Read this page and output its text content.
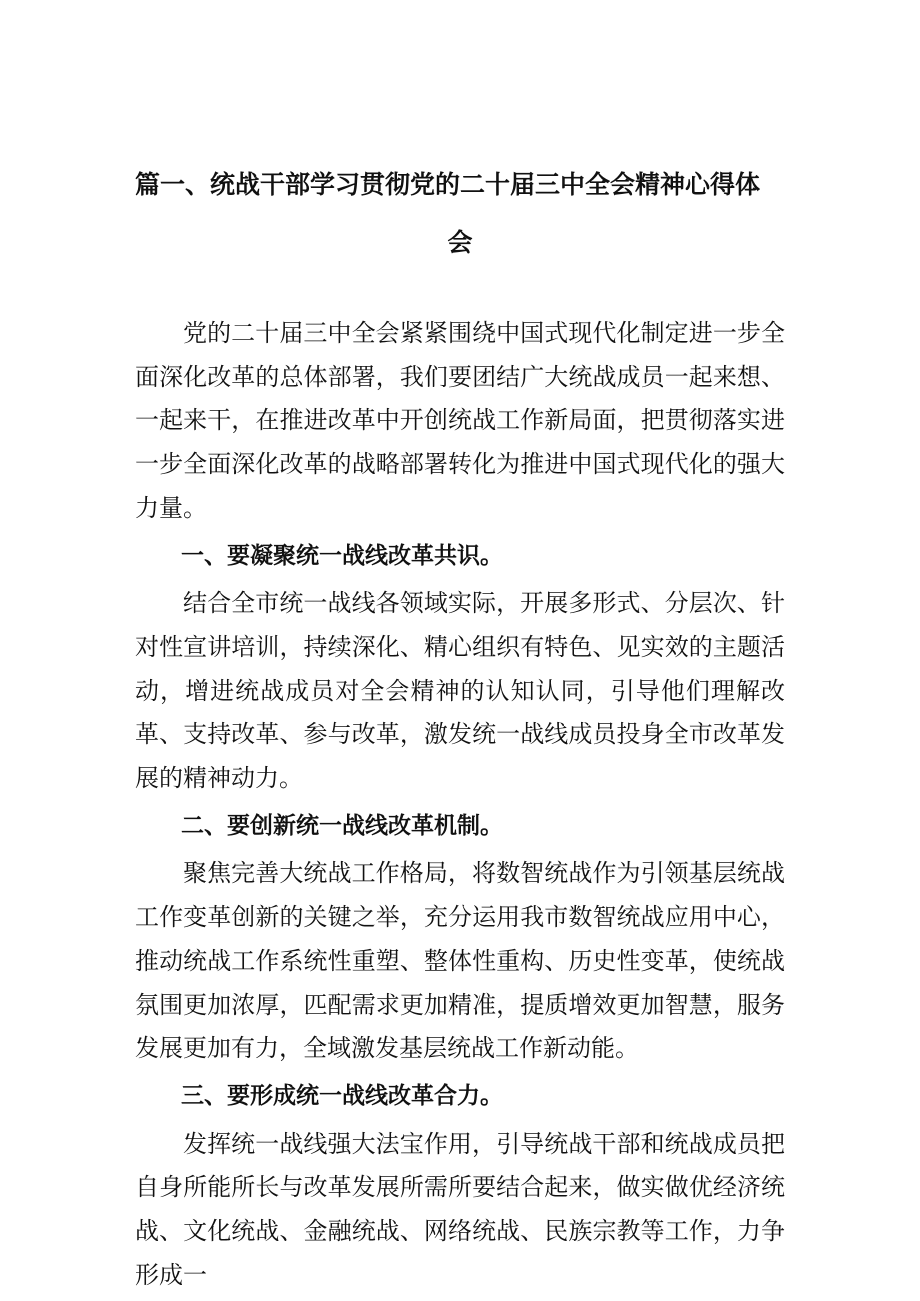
篇一、统战干部学习贯彻党的二十届三中全会精神心得体
会

党的二十届三中全会紧紧围绕中国式现代化制定进一步全面深化改革的总体部署，我们要团结广大统战成员一起来想、一起来干，在推进改革中开创统战工作新局面，把贯彻落实进一步全面深化改革的战略部署转化为推进中国式现代化的强大力量。

一、要凝聚统一战线改革共识。

结合全市统一战线各领域实际，开展多形式、分层次、针对性宣讲培训，持续深化、精心组织有特色、见实效的主题活动，增进统战成员对全会精神的认知认同，引导他们理解改革、支持改革、参与改革，激发统一战线成员投身全市改革发展的精神动力。

二、要创新统一战线改革机制。

聚焦完善大统战工作格局，将数智统战作为引领基层统战工作变革创新的关键之举，充分运用我市数智统战应用中心，推动统战工作系统性重塑、整体性重构、历史性变革，使统战氛围更加浓厚，匹配需求更加精准，提质增效更加智慧，服务发展更加有力，全域激发基层统战工作新动能。

三、要形成统一战线改革合力。

发挥统一战线强大法宝作用，引导统战干部和统战成员把自身所能所长与改革发展所需所要结合起来，做实做优经济统战、文化统战、金融统战、网络统战、民族宗教等工作，力争形成一
